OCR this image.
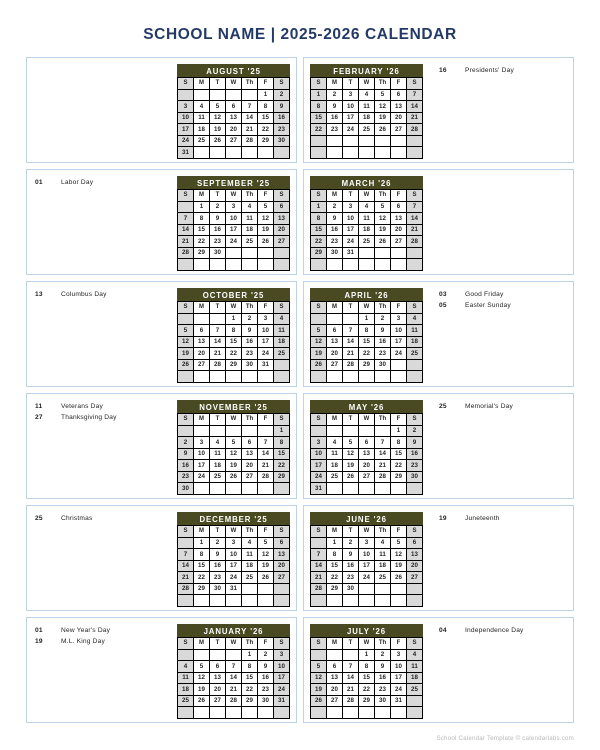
SCHOOL NAME | 2025-2026 CALENDAR
AUGUST '25
S	M	T	W	Th	F	S
					1	2
3	4	5	6	7	8	9
10	11	12	13	14	15	16
17	18	19	20	21	22	23
24	25	26	27	28	29	30
31						
FEBRUARY '26
S	M	T	W	Th	F	S
1	2	3	4	5	6	7
8	9	10	11	12	13	14
15	16	17	18	19	20	21
22	23	24	25	26	27	28

16	Presidents' Day
01	Labor Day	SEPTEMBER '25
S	M	T	W	Th	F	S
	1	2	3	4	5	6
7	8	9	10	11	12	13
14	15	16	17	18	19	20
21	22	23	24	25	26	27
28	29	30				

MARCH '26
S	M	T	W	Th	F	S
1	2	3	4	5	6	7
8	9	10	11	12	13	14
15	16	17	18	19	20	21
22	23	24	25	26	27	28
29	30	31				

13	Columbus Day	OCTOBER '25
S	M	T	W	Th	F	S
			1	2	3	4
5	6	7	8	9	10	11
12	13	14	15	16	17	18
19	20	21	22	23	24	25
26	27	28	29	30	31	

APRIL '26
S	M	T	W	Th	F	S
			1	2	3	4
5	6	7	8	9	10	11
12	13	14	15	16	17	18
19	20	21	22	23	24	25
26	27	28	29	30		

03	Good Friday
05	Easter Sunday
11	Veterans Day
27	Thanksgiving Day
NOVEMBER '25
S	M	T	W	Th	F	S
						1
2	3	4	5	6	7	8
9	10	11	12	13	14	15
16	17	18	19	20	21	22
23	24	25	26	27	28	29
30						
MAY '26
S	M	T	W	Th	F	S
					1	2
3	4	5	6	7	8	9
10	11	12	13	14	15	16
17	18	19	20	21	22	23
24	25	26	27	28	29	30
31						
25	Memorial's Day
25	Christmas	DECEMBER '25
S	M	T	W	Th	F	S
	1	2	3	4	5	6
7	8	9	10	11	12	13
14	15	16	17	18	19	20
21	22	23	24	25	26	27
28	29	30	31			

JUNE '26
S	M	T	W	Th	F	S
	1	2	3	4	5	6
7	8	9	10	11	12	13
14	15	16	17	18	19	20
21	22	23	24	25	26	27
28	29	30				

19	Juneteenth
01	New Year's Day
19	M.L. King Day
JANUARY '26
S	M	T	W	Th	F	S
				1	2	3
4	5	6	7	8	9	10
11	12	13	14	15	16	17
18	19	20	21	22	23	24
25	26	27	28	29	30	31

JULY '26
S	M	T	W	Th	F	S
			1	2	3	4
5	6	7	8	9	10	11
12	13	14	15	16	17	18
19	20	21	22	23	24	25
26	27	28	29	30	31	

04	Independence Day
School Calendar Template © calendarlabs.com
